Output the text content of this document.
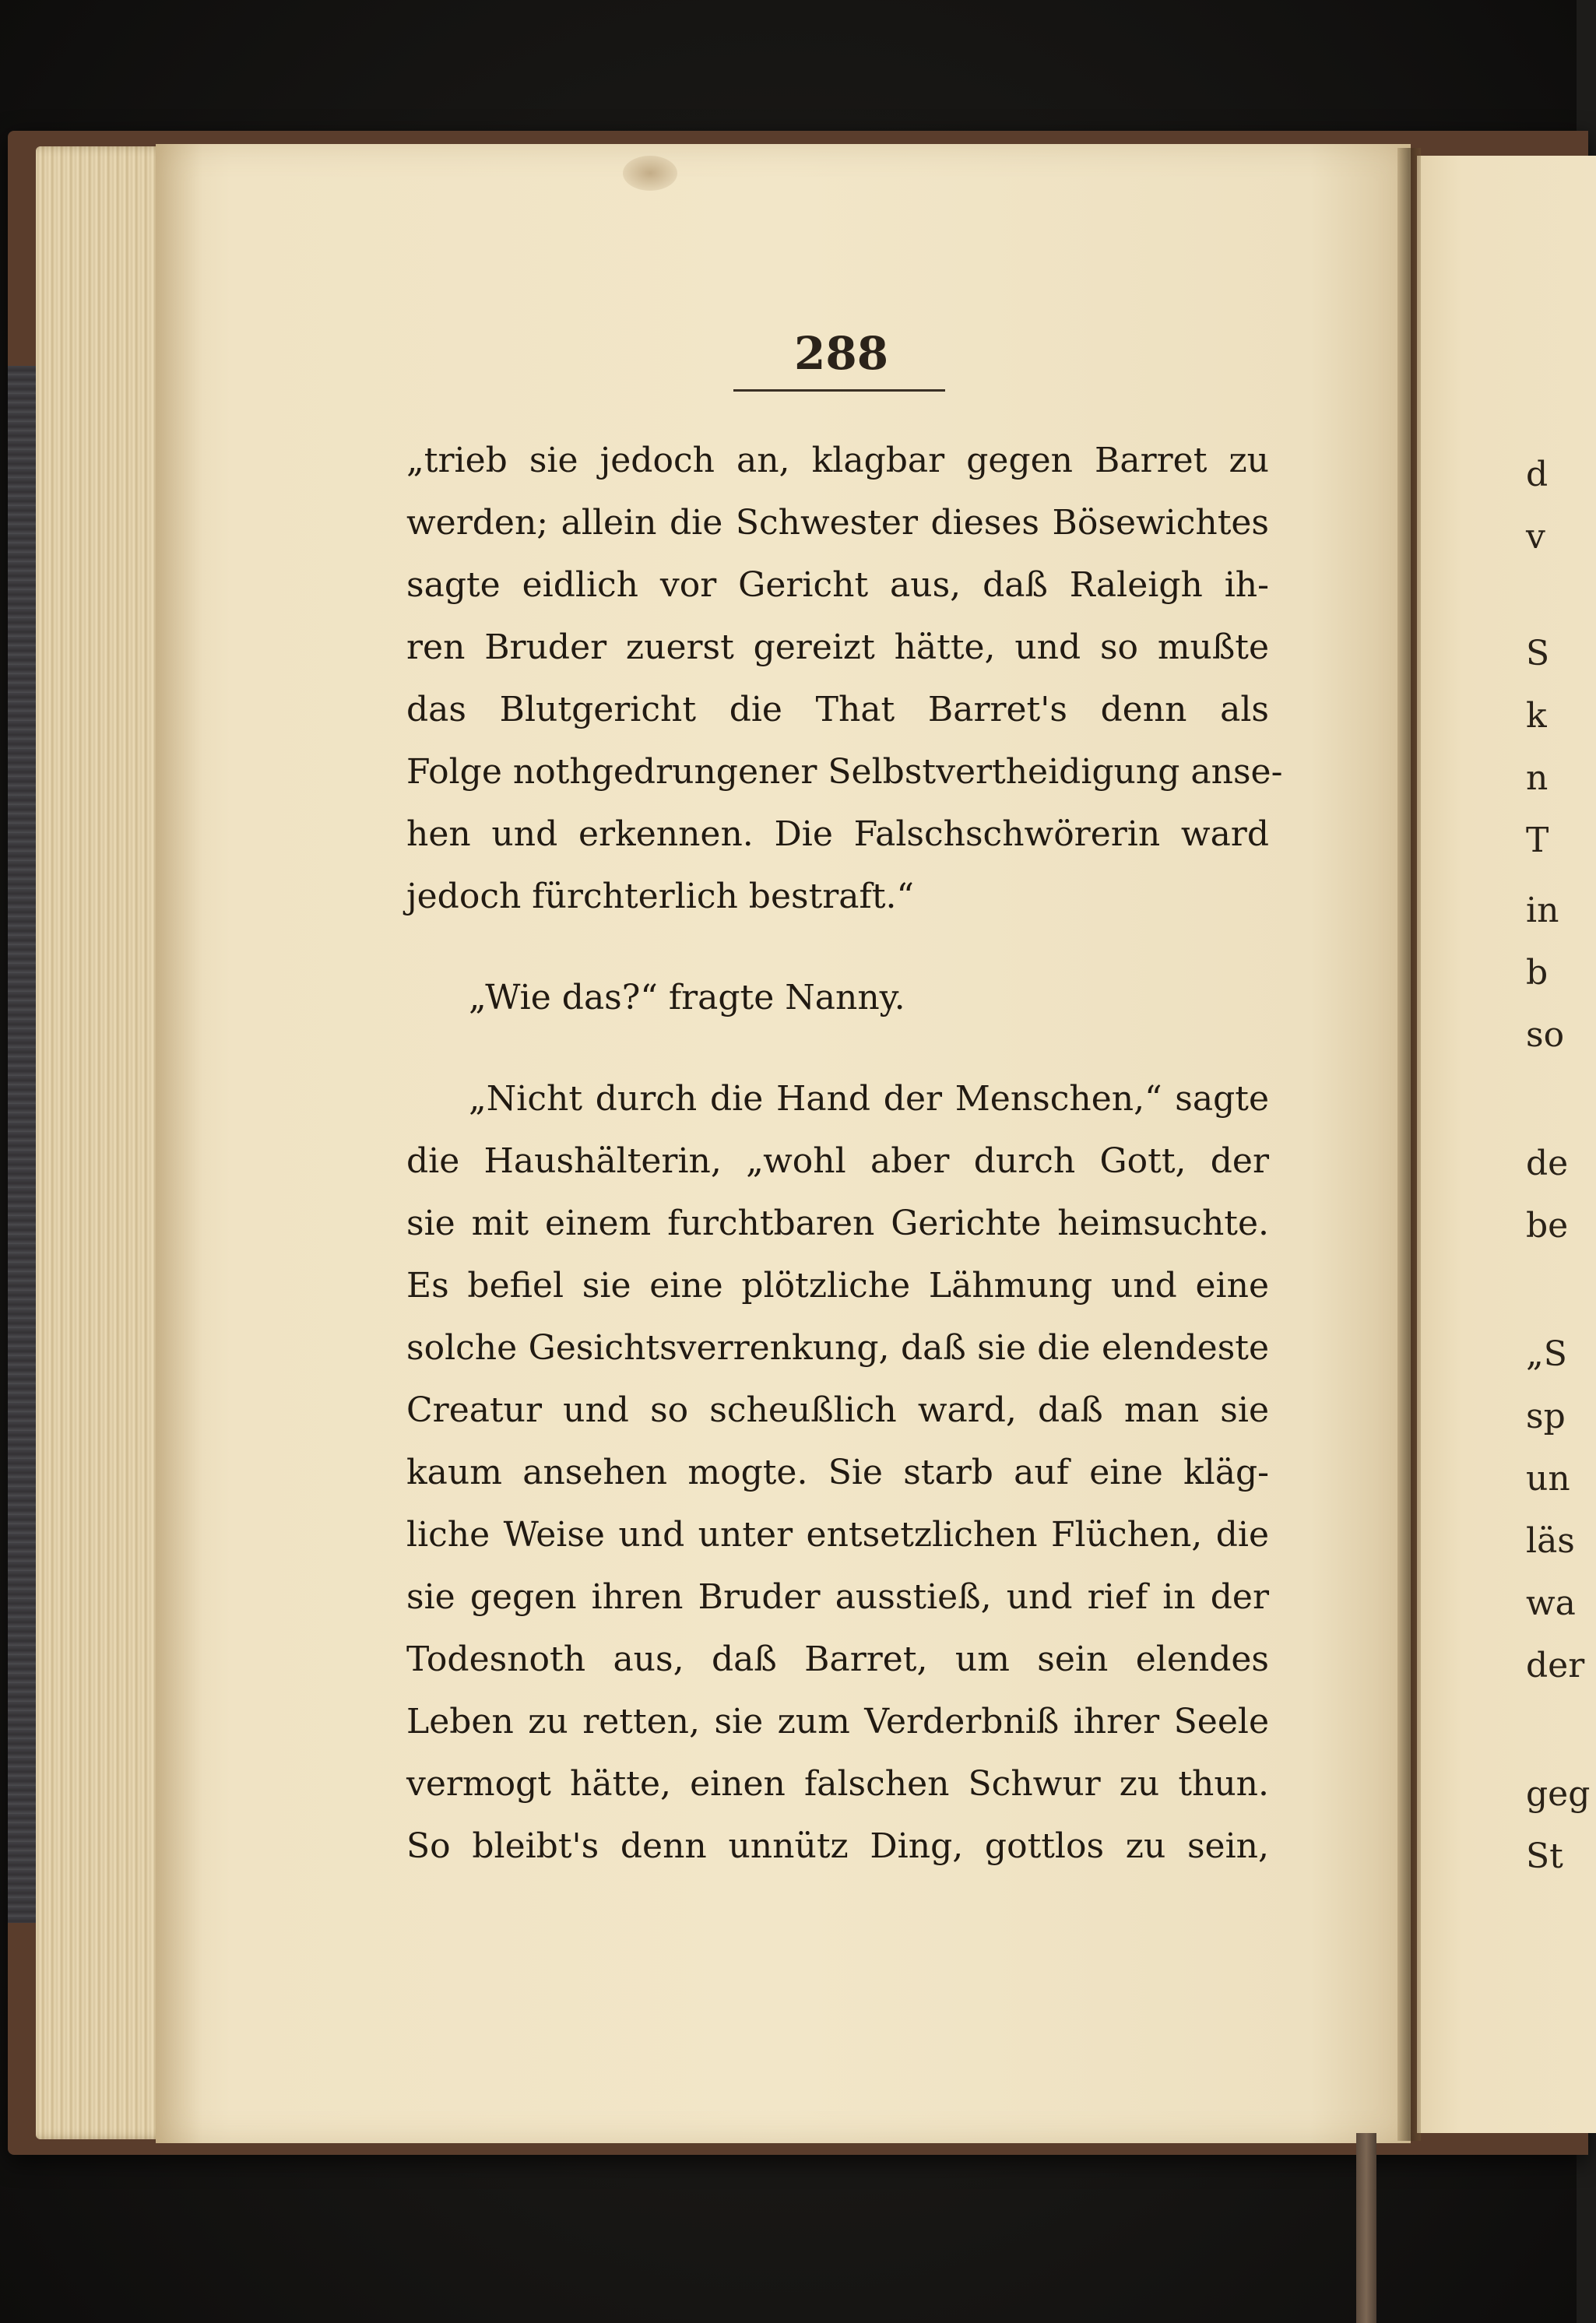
288
„trieb sie jedoch an, klagbar gegen Barret zu
werden; allein die Schwester dieses Bösewichtes
sagte eidlich vor Gericht aus, daß Raleigh ih-
ren Bruder zuerst gereizt hätte, und so mußte
das Blutgericht die That Barret's denn als
Folge nothgedrungener Selbstvertheidigung anse-
hen und erkennen. Die Falschschwörerin ward
jedoch fürchterlich bestraft.“
„Wie das?“ fragte Nanny.
„Nicht durch die Hand der Menschen,“ sagte
die Haushälterin, „wohl aber durch Gott, der
sie mit einem furchtbaren Gerichte heimsuchte.
Es befiel sie eine plötzliche Lähmung und eine
solche Gesichtsverrenkung, daß sie die elendeste
Creatur und so scheußlich ward, daß man sie
kaum ansehen mogte. Sie starb auf eine kläg-
liche Weise und unter entsetzlichen Flüchen, die
sie gegen ihren Bruder ausstieß, und rief in der
Todesnoth aus, daß Barret, um sein elendes
Leben zu retten, sie zum Verderbniß ihrer Seele
vermogt hätte, einen falschen Schwur zu thun.
So bleibt's denn unnütz Ding, gottlos zu sein,
d
v
S
k
n
T
in
b
so
de
be
„S
sp
un
läs
wa
der
geg
St
